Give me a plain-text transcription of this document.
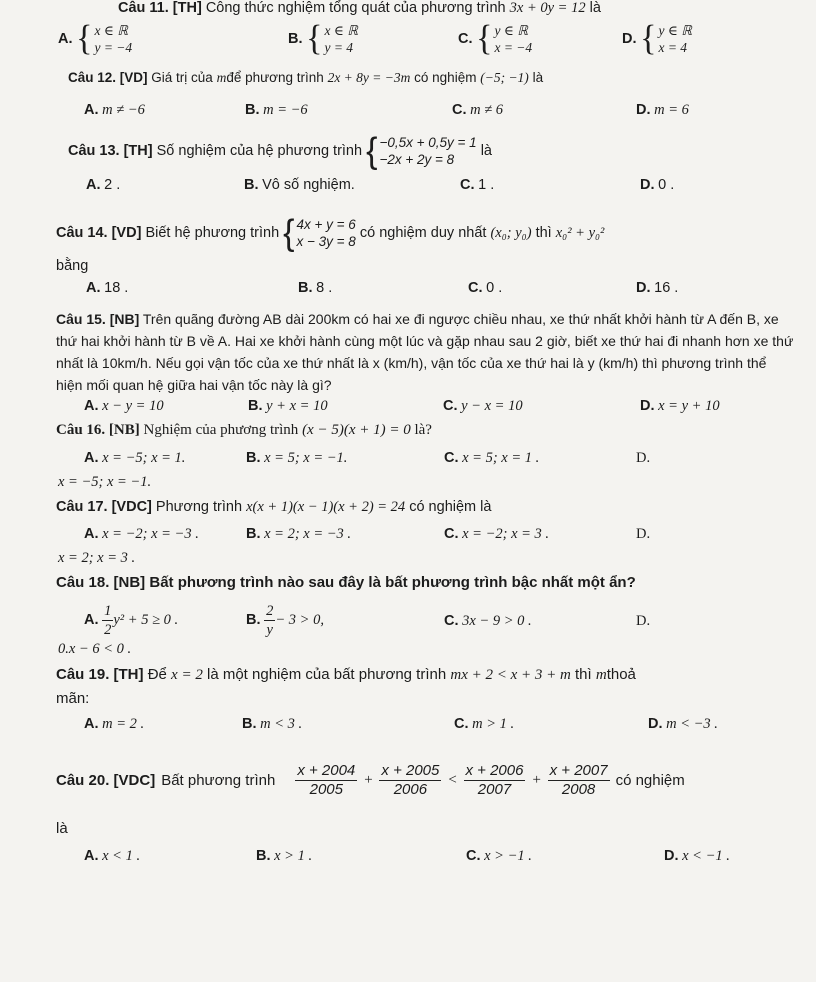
Câu 11. [TH] Công thức nghiệm tổng quát của phương trình 3x + 0y = 12 là
A.
{ x ∈ ℝ
y = −4
B.
{ x ∈ ℝ
y = 4
C.
{ y ∈ ℝ
x = −4
D.
{ y ∈ ℝ
x = 4
Câu 12. [VD] Giá trị của mđể phương trình 2x + 8y = −3m có nghiệm (−5; −1) là
A. m ≠ −6	B. m = −6	C. m ≠ 6	D. m = 6
Câu 13. [TH]
Số nghiệm của hệ phương trình
{ −0,5x + 0,5y = 1
−2x + 2y = 8

là
A. 2 .	B. Vô số nghiệm.	C. 1 .	D. 0 .
Câu 14. [VD]
Biết hệ phương trình
{ 4x + y = 6
x − 3y = 8

có nghiệm duy nhất
(x₀; y₀)
thì
x₀² + y₀²
bằng
A. 18 .	B. 8 .	C. 0 .	D. 16 .
Câu 15. [NB] Trên quãng đường AB dài 200km có hai xe đi ngược chiều nhau, xe thứ nhất khởi hành từ A đến B, xe thứ hai khởi hành từ B về A. Hai xe khởi hành cùng một lúc và gặp nhau sau 2 giờ, biết xe thứ hai đi nhanh hơn xe thứ nhất là 10km/h. Nếu gọi vận tốc của xe thứ nhất là x (km/h), vận tốc của xe thứ hai là y (km/h) thì phương trình thể hiện mối quan hệ giữa hai vận tốc này là gì?
A. x − y = 10	B. y + x = 10	C. y − x = 10	D. x = y + 10
Câu 16. [NB] Nghiệm của phương trình (x − 5)(x + 1) = 0 là?
A. x = −5; x = 1.	B. x = 5; x = −1.	C. x = 5; x = 1 .	D.
x = −5; x = −1.
Câu 17. [VDC] Phương trình x(x + 1)(x − 1)(x + 2) = 24 có nghiệm là
A. x = −2; x = −3 .	B. x = 2; x = −3 .	C. x = −2; x = 3 .	D.
x = 2; x = 3 .
Câu 18. [NB] Bất phương trình nào sau đây là bất phương trình bậc nhất một ẩn?
A. $\frac{1}{2} y^2 + 5 \ge 0$ .	B. $\frac{2}{y} - 3 > 0$,	C. 3x − 9 > 0 .	D.
0.x − 6 < 0 .
Câu 19. [TH] Để x = 2 là một nghiệm của bất phương trình mx + 2 < x + 3 + m thì mthoả
mãn:
A. m = 2 .	B. m < 3 .	C. m > 1 .	D. m < −3 .
Câu 20. [VDC] Bất phương trình $\frac{x + 2004}{2005} + \frac{x + 2005}{2006} < \frac{x + 2006}{2007} + \frac{x + 2007}{2008}$ có nghiệm
là
A. x < 1 .	B. x > 1 .	C. x > −1 .	D. x < −1 .
